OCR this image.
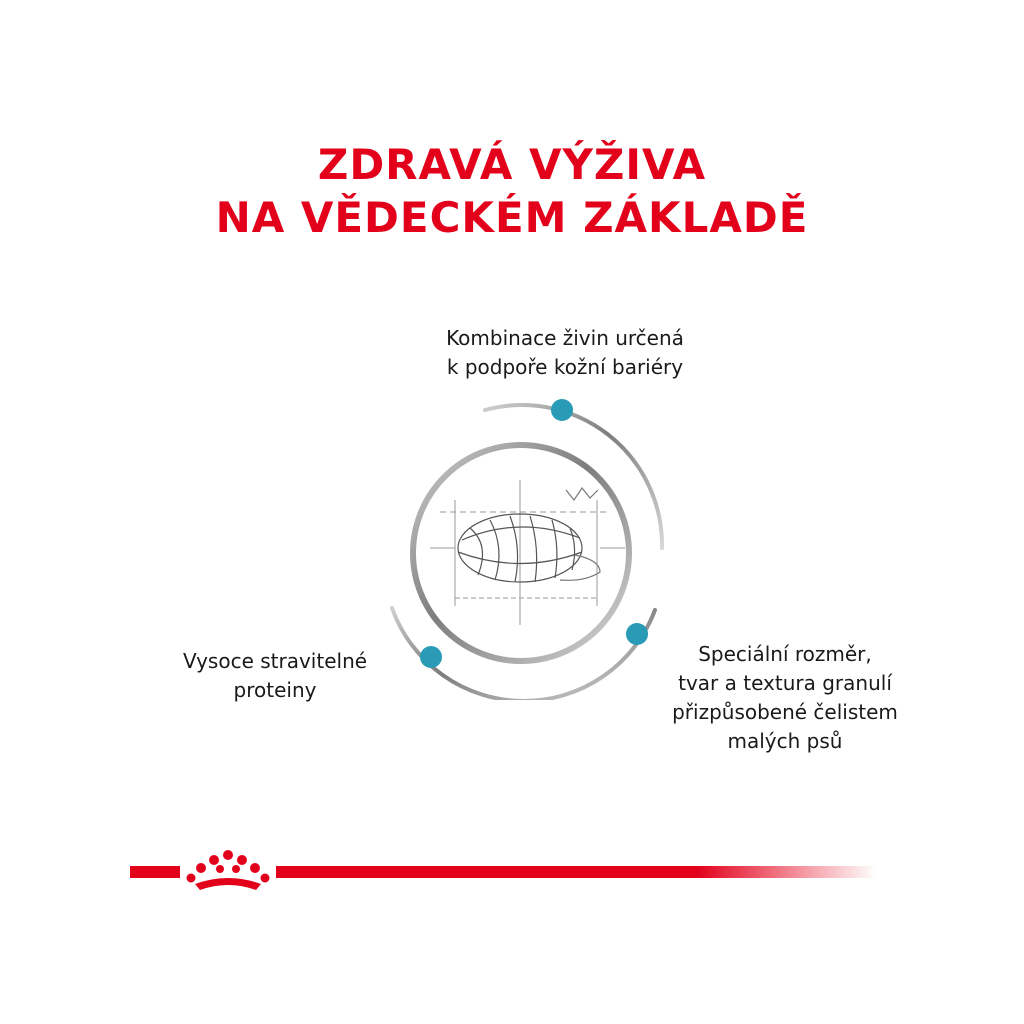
ZDRAVÁ VÝŽIVA
NA VĚDECKÉM ZÁKLADĚ
Kombinace živin určená
k podpoře kožní bariéry
Vysoce stravitelné
proteiny
Speciální rozměr,
tvar a textura granulí
přizpůsobené čelistem
malých psů
